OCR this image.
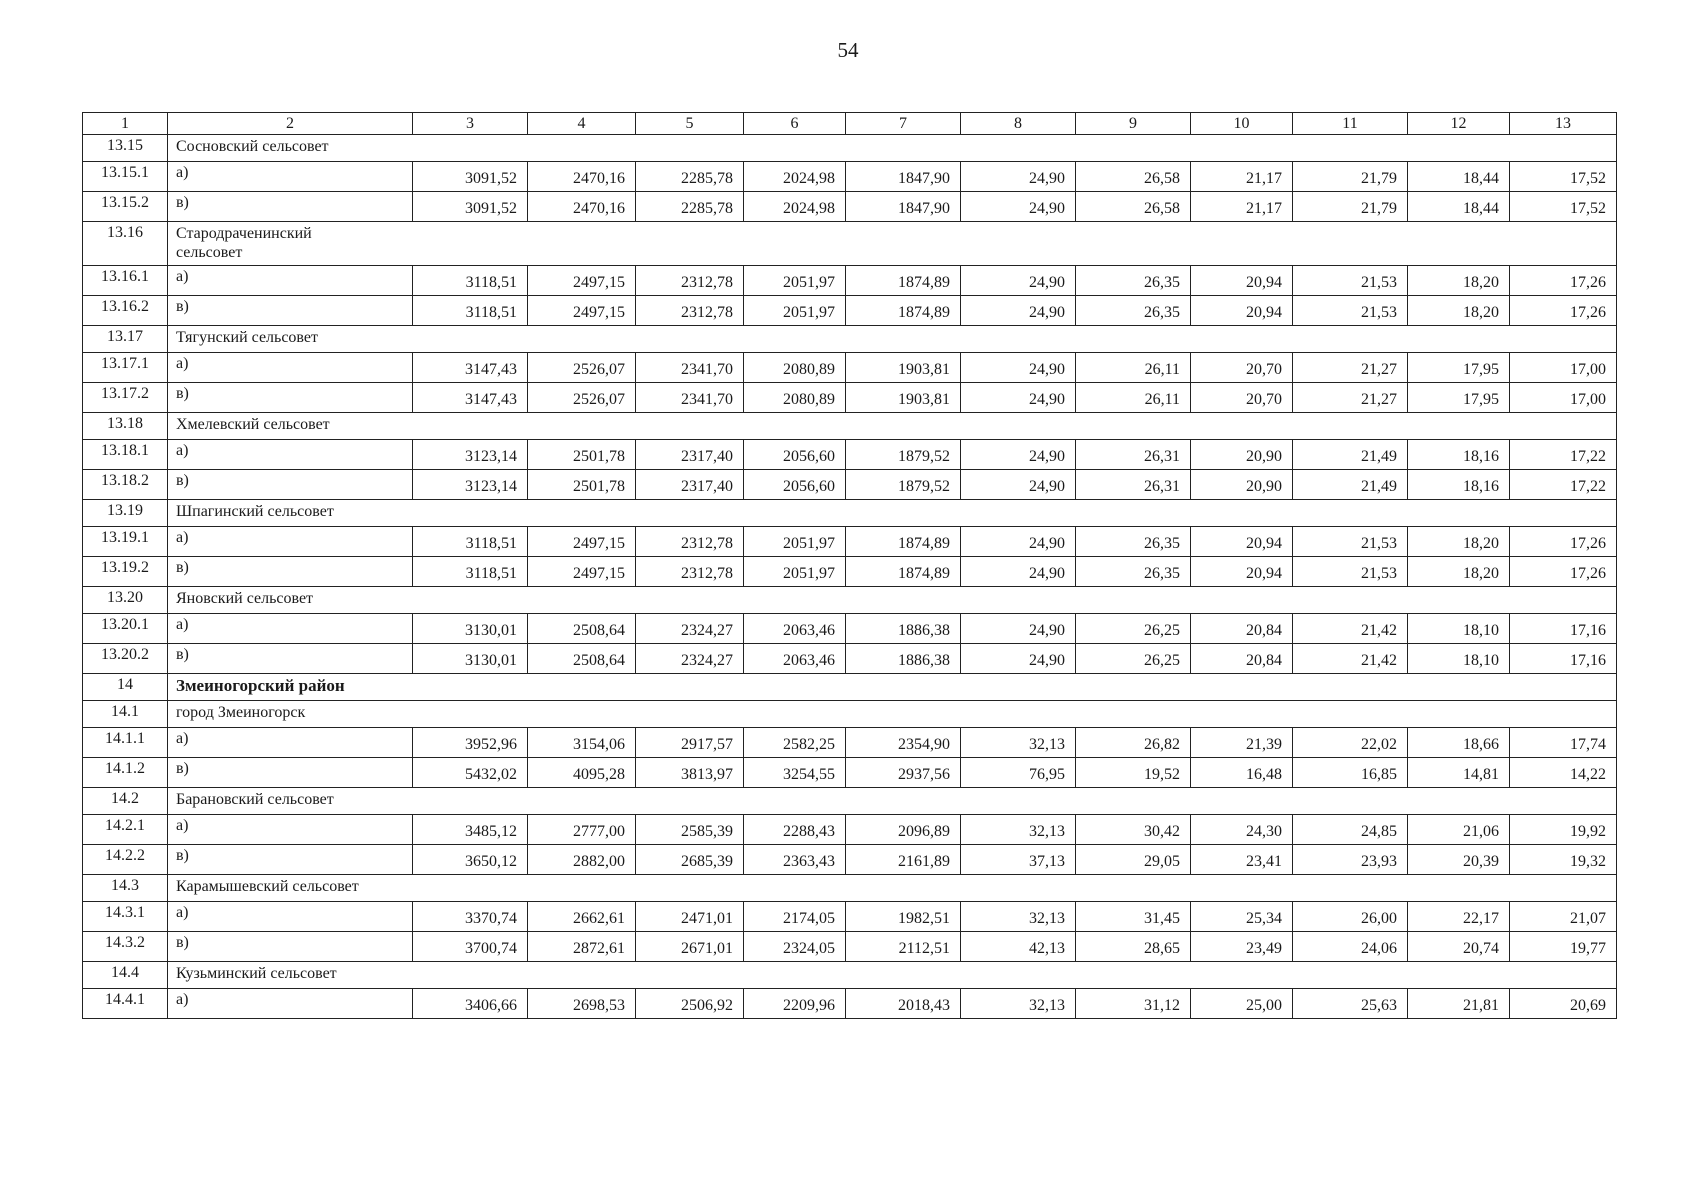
54
1	2	3	4	5	6	7	8	9	10	11	12	13
13.15	Сосновский сельсовет											
13.15.1	а)	3091,52	2470,16	2285,78	2024,98	1847,90	24,90	26,58	21,17	21,79	18,44	17,52
13.15.2	в)	3091,52	2470,16	2285,78	2024,98	1847,90	24,90	26,58	21,17	21,79	18,44	17,52
13.16	Стародраченинский сельсовет											

13.16.1	а)	3118,51	2497,15	2312,78	2051,97	1874,89	24,90	26,35	20,94	21,53	18,20	17,26
13.16.2	в)	3118,51	2497,15	2312,78	2051,97	1874,89	24,90	26,35	20,94	21,53	18,20	17,26
13.17	Тягунский сельсовет											
13.17.1	а)	3147,43	2526,07	2341,70	2080,89	1903,81	24,90	26,11	20,70	21,27	17,95	17,00
13.17.2	в)	3147,43	2526,07	2341,70	2080,89	1903,81	24,90	26,11	20,70	21,27	17,95	17,00
13.18	Хмелевский сельсовет											
13.18.1	а)	3123,14	2501,78	2317,40	2056,60	1879,52	24,90	26,31	20,90	21,49	18,16	17,22
13.18.2	в)	3123,14	2501,78	2317,40	2056,60	1879,52	24,90	26,31	20,90	21,49	18,16	17,22
13.19	Шпагинский сельсовет											
13.19.1	а)	3118,51	2497,15	2312,78	2051,97	1874,89	24,90	26,35	20,94	21,53	18,20	17,26
13.19.2	в)	3118,51	2497,15	2312,78	2051,97	1874,89	24,90	26,35	20,94	21,53	18,20	17,26
13.20	Яновский сельсовет											
13.20.1	а)	3130,01	2508,64	2324,27	2063,46	1886,38	24,90	26,25	20,84	21,42	18,10	17,16
13.20.2	в)	3130,01	2508,64	2324,27	2063,46	1886,38	24,90	26,25	20,84	21,42	18,10	17,16
14	Змеиногорский район											
14.1	город Змеиногорск											
14.1.1	а)	3952,96	3154,06	2917,57	2582,25	2354,90	32,13	26,82	21,39	22,02	18,66	17,74
14.1.2	в)	5432,02	4095,28	3813,97	3254,55	2937,56	76,95	19,52	16,48	16,85	14,81	14,22
14.2	Барановский сельсовет											
14.2.1	а)	3485,12	2777,00	2585,39	2288,43	2096,89	32,13	30,42	24,30	24,85	21,06	19,92
14.2.2	в)	3650,12	2882,00	2685,39	2363,43	2161,89	37,13	29,05	23,41	23,93	20,39	19,32
14.3	Карамышевский сельсовет											
14.3.1	а)	3370,74	2662,61	2471,01	2174,05	1982,51	32,13	31,45	25,34	26,00	22,17	21,07
14.3.2	в)	3700,74	2872,61	2671,01	2324,05	2112,51	42,13	28,65	23,49	24,06	20,74	19,77
14.4	Кузьминский сельсовет											
14.4.1	а)	3406,66	2698,53	2506,92	2209,96	2018,43	32,13	31,12	25,00	25,63	21,81	20,69
